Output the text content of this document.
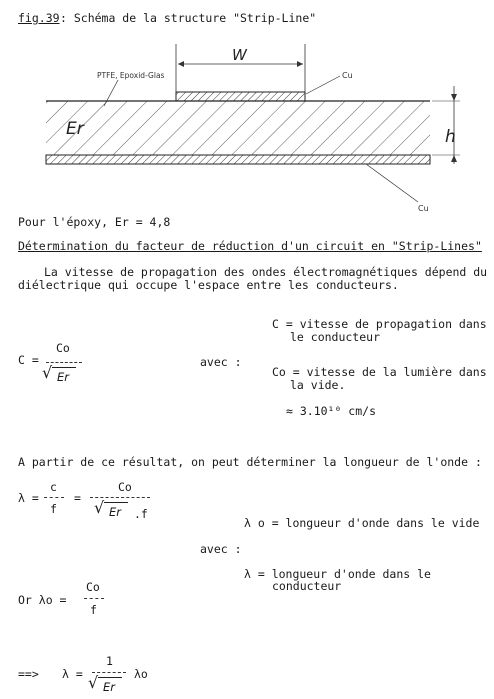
fig.39 : Schéma de la structure "Strip-Line"
W
Cu
PTFE, Epoxid-Glas
Er	h
Cu
Pour l'époxy, Er = 4,8
Détermination du facteur de réduction d'un circuit en "Strip-Lines"
La vitesse de propagation des ondes électromagnétiques dépend du
diélectrique qui occupe l'espace entre les conducteurs.
C =
Co
√ Er
avec :
C = vitesse de propagation dans
le conducteur
Co = vitesse de la lumière dans
la vide.
≈ 3.10¹⁰ cm/s
A partir de ce résultat, on peut déterminer la longueur de l'onde :
λ =
c
f
=
Co
√ Er .f
λ o = longueur d'onde dans le vide
avec :
λ = longueur d'onde dans le
conducteur
Or λo =
Co
f
==> λ =
1
√ Er
λo
